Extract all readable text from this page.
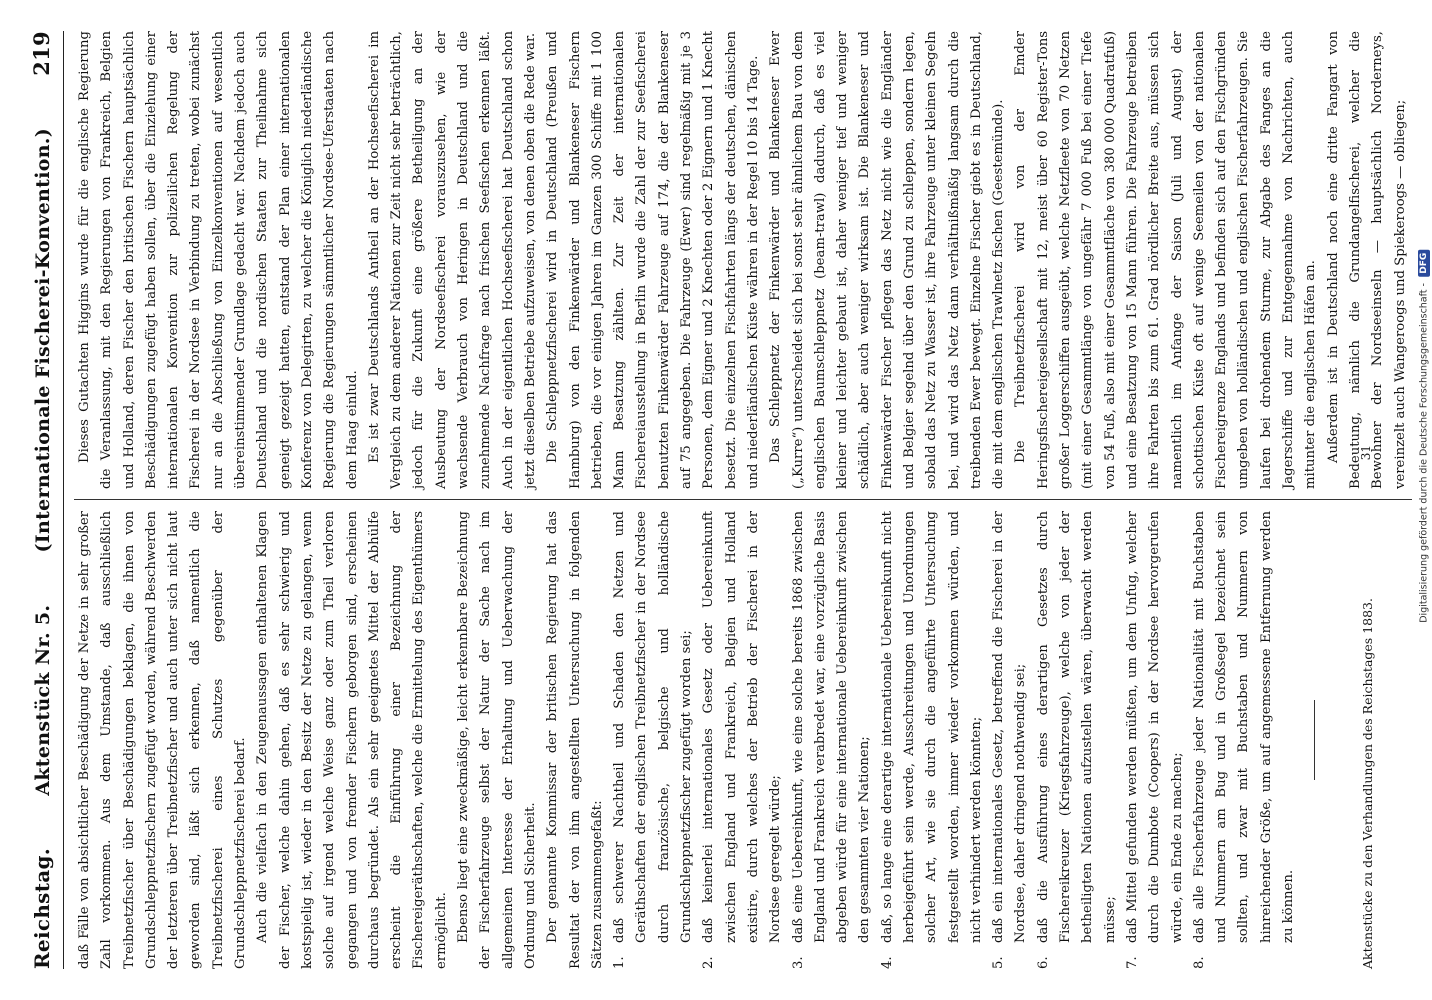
Reichstag.
Aktenstück Nr. 5.
(Internationale Fischerei-Konvention.)
219

daß Fälle von absichtlicher Beschädigung der Netze in sehr großer Zahl vorkommen. Aus dem Umstande, daß ausschließlich Treibnetzfischer über Beschädigungen beklagen, die ihnen von Grundschleppnetzfischern zugefügt worden, während Beschwerden der letzteren über Treibnetzfischer und auch unter sich nicht laut geworden sind, läßt sich erkennen, daß namentlich die Treibnetzfischerei eines Schutzes gegenüber der Grundschleppnetzfischerei bedarf. Auch die vielfach in den Zeugenaussagen enthaltenen Klagen der Fischer, welche dahin gehen, daß es sehr schwierig und kostspielig ist, wieder in den Besitz der Netze zu gelangen, wenn solche auf irgend welche Weise ganz oder zum Theil verloren gegangen und von fremder Fischern geborgen sind, erscheinen durchaus begründet. Als ein sehr geeignetes Mittel der Abhülfe erscheint die Einführung einer Bezeichnung der Fischereigeräthschaften, welche die Ermittelung des Eigenthümers ermöglicht. Ebenso liegt eine zweckmäßige, leicht erkennbare Bezeichnung der Fischerfahrzeuge selbst der Natur der Sache nach im allgemeinen Interesse der Erhaltung und Ueberwachung der Ordnung und Sicherheit. Der genannte Kommissar der britischen Regierung hat das Resultat der von ihm angestellten Untersuchung in folgenden Sätzen zusammengefaßt: 1.
daß schwerer Nachtheil und Schaden den Netzen und Geräthschaften der englischen Treibnetzfischer in der Nordsee durch französische, belgische und holländische Grundschleppnetzfischer zugefügt worden sei;
2.
daß keinerlei internationales Gesetz oder Uebereinkunft zwischen England und Frankreich, Belgien und Holland existire, durch welches der Betrieb der Fischerei in der Nordsee geregelt würde;
3.
daß eine Uebereinkunft, wie eine solche bereits 1868 zwischen England und Frankreich verabredet war, eine vorzügliche Basis abgeben würde für eine internationale Uebereinkunft zwischen den gesammten vier Nationen;
4.
daß, so lange eine derartige internationale Uebereinkunft nicht herbeigeführt sein werde, Ausschreitungen und Unordnungen solcher Art, wie sie durch die angeführte Untersuchung festgestellt worden, immer wieder vorkommen würden, und nicht verhindert werden könnten;
5.
daß ein internationales Gesetz, betreffend die Fischerei in der Nordsee, daher dringend nothwendig sei;
6.
daß die Ausführung eines derartigen Gesetzes durch Fischereikreuzer (Kriegsfahrzeuge), welche von jeder der betheiligten Nationen aufzustellen wären, überwacht werden müsse;
7.
daß Mittel gefunden werden müßten, um dem Unfug, welcher durch die Dumbote (Coopers) in der Nordsee hervorgerufen würde, ein Ende zu machen;
8.
daß alle Fischerfahrzeuge jeder Nationalität mit Buchstaben und Nummern am Bug und in Großsegel bezeichnet sein sollten, und zwar mit Buchstaben und Nummern von hinreichender Größe, um auf angemessene Entfernung werden zu können.

Dieses Gutachten Higgins wurde für die englische Regierung die Veranlassung, mit den Regierungen von Frankreich, Belgien und Holland, deren Fischer den britischen Fischern hauptsächlich Beschädigungen zugefügt haben sollen, über die Einziehung einer internationalen Konvention zur polizeilichen Regelung der Fischerei in der Nordsee in Verbindung zu treten, wobei zunächst nur an die Abschließung von Einzelkonventionen auf wesentlich übereinstimmender Grundlage gedacht war. Nachdem jedoch auch Deutschland und die nordischen Staaten zur Theilnahme sich geneigt gezeigt hatten, entstand der Plan einer internationalen Konferenz von Delegirten, zu welcher die Königlich niederländische Regierung die Regierungen sämmtlicher Nordsee-Uferstaaten nach dem Haag einlud. Es ist zwar Deutschlands Antheil an der Hochseefischerei im Vergleich zu dem anderer Nationen zur Zeit nicht sehr beträchtlich, jedoch für die Zukunft eine größere Betheiligung an der Ausbeutung der Nordseefischerei vorauszusehen, wie der wachsende Verbrauch von Heringen in Deutschland und die zunehmende Nachfrage nach frischen Seefischen erkennen läßt. Auch in der eigentlichen Hochseefischerei hat Deutschland schon jetzt dieselben Betriebe aufzuweisen, von denen oben die Rede war. Die Schleppnetzfischerei wird in Deutschland (Preußen und Hamburg) von den Finkenwärder und Blankeneser Fischern betrieben, die vor einigen Jahren im Ganzen 300 Schiffe mit 1 100 Mann Besatzung zählten. Zur Zeit der internationalen Fischereiausstellung in Berlin wurde die Zahl der zur Seefischerei benutzten Finkenwärder Fahrzeuge auf 174, die der Blankeneser auf 75 angegeben. Die Fahrzeuge (Ewer) sind regelmäßig mit je 3 Personen, dem Eigner und 2 Knechten oder 2 Eignern und 1 Knecht besetzt. Die einzelnen Fischfahrten längs der deutschen, dänischen und niederländischen Küste währen in der Regel 10 bis 14 Tage. Das Schleppnetz der Finkenwärder und Blankeneser Ewer („Kurre“) unterscheidet sich bei sonst sehr ähnlichem Bau von dem englischen Baumschleppnetz (beam-trawl) dadurch, daß es viel kleiner und leichter gebaut ist, daher weniger tief und weniger schädlich, aber auch weniger wirksam ist. Die Blankeneser und Finkenwärder Fischer pflegen das Netz nicht wie die Engländer und Belgier segelnd über den Grund zu schleppen, sondern legen, sobald das Netz zu Wasser ist, ihre Fahrzeuge unter kleinen Segeln bei, und wird das Netz dann verhältnißmäßig langsam durch die treibenden Ewer bewegt. Einzelne Fischer giebt es in Deutschland, die mit dem englischen Trawlnetz fischen (Geestemünde). Die Treibnetzfischerei wird von der Emder Heringsfischereigesellschaft mit 12, meist über 60 Register-Tons großer Loggerschiffen ausgeübt, welche Netzfleete von 70 Netzen (mit einer Gesammtlänge von ungefähr 7 000 Fuß bei einer Tiefe von 54 Fuß, also mit einer Gesammtfläche von 380 000 Quadratfuß) und eine Besatzung von 15 Mann führen. Die Fahrzeuge betreiben ihre Fahrten bis zum 61. Grad nördlicher Breite aus, müssen sich namentlich im Anfange der Saison (Juli und August) der schottischen Küste oft auf wenige Seemeilen von der nationalen Fischereigrenze Englands und befinden sich auf den Fischgründen umgeben von holländischen und englischen Fischerfahrzeugen. Sie laufen bei drohendem Sturme, zur Abgabe des Fanges an die Jagerschiffe und zur Entgegennahme von Nachrichten, auch mitunter die englischen Häfen an. Außerdem ist in Deutschland noch eine dritte Fangart von Bedeutung, nämlich die Grundangelfischerei, welcher die Bewohner der Nordseeinseln — hauptsächlich Norderneys, vereinzelt auch Wangeroogs und Spiekeroogs — obliegen;

Aktenstücke zu den Verhandlungen des Reichstages 1883.
31	Digitalisierung gefördert durch die Deutsche Forschungsgemeinschaft -
DFG
